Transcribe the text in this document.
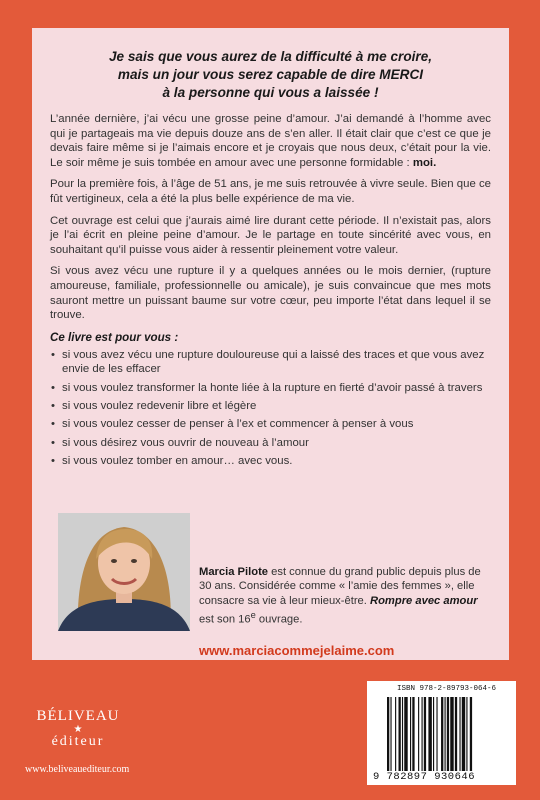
Je sais que vous aurez de la difficulté à me croire,
mais un jour vous serez capable de dire MERCI
à la personne qui vous a laissée !

L’année dernière, j’ai vécu une grosse peine d’amour. J’ai demandé à l’homme avec qui je partageais ma vie depuis douze ans de s’en aller. Il était clair que c’est ce que je devais faire même si je l’aimais encore et je croyais que nous deux, c’était pour la vie. Le soir même je suis tombée en amour avec une personne formidable : moi.

Pour la première fois, à l’âge de 51 ans, je me suis retrouvée à vivre seule. Bien que ce fût vertigineux, cela a été la plus belle expérience de ma vie.

Cet ouvrage est celui que j’aurais aimé lire durant cette période. Il n’existait pas, alors je l’ai écrit en pleine peine d’amour. Je le partage en toute sincérité avec vous, en souhaitant qu’il puisse vous aider à ressentir pleinement votre valeur.

Si vous avez vécu une rupture il y a quelques années ou le mois dernier, (rupture amoureuse, familiale, professionnelle ou amicale), je suis convaincue que mes mots sauront mettre un puissant baume sur votre cœur, peu importe l’état dans lequel il se trouve.

Ce livre est pour vous :
• si vous avez vécu une rupture douloureuse qui a laissé des traces et que vous avez envie de les effacer
• si vous voulez transformer la honte liée à la rupture en fierté d’avoir passé à travers
• si vous voulez redevenir libre et légère
• si vous voulez cesser de penser à l’ex et commencer à penser à vous
• si vous désirez vous ouvrir de nouveau à l’amour
• si vous voulez tomber en amour… avec vous.
Marcia Pilote est connue du grand public depuis plus de 30 ans. Considérée comme « l’amie des femmes », elle consacre sa vie à leur mieux-être. Rompre avec amour est son 16e ouvrage.
www.marciacommejelaime.com
BÉLIVEAU
★
éditeur
www.beliveauediteur.com
ISBN 978-2-89793-064-6
9 782897 930646
